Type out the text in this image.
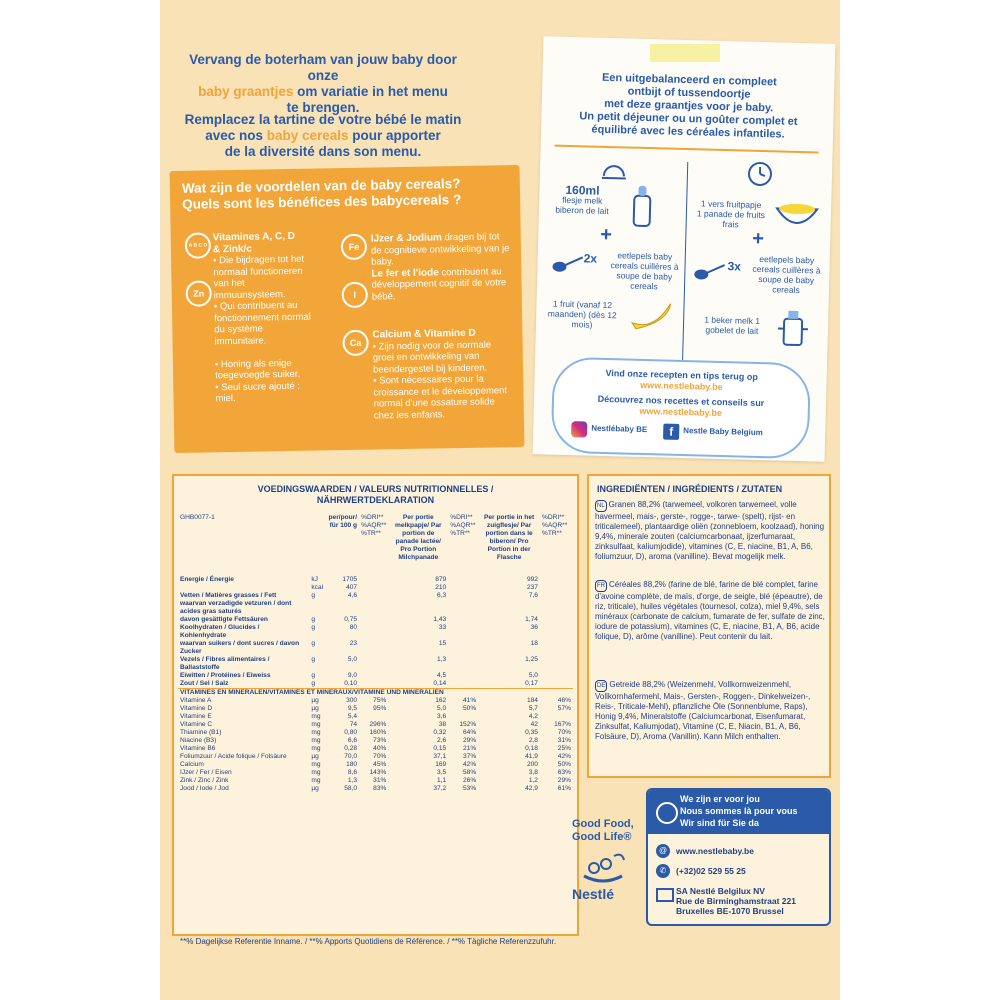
Vervang de boterham van jouw baby door onze
baby graantjes om variatie in het menu
te brengen.
Remplacez la tartine de votre bébé le matin
avec nos baby cereals pour apporter
de la diversité dans son menu.
Wat zijn de voordelen van de baby cereals?
Quels sont les bénéfices des babycereals ?
A B C D
Vitamines A, C, D
& Zink/c
• Die bijdragen tot het normaal functioneren van het immuunsysteem.
• Qui contribuent au fonctionnement normal du système immunitaire.

• Honing als enige toegevoegde suiker.
• Seul sucre ajouté : miel.
Zn
Fe
I
IJzer & Jodium dragen bij tot de cognitieve ontwikkeling van je baby.
Le fer et l'iode contribuent au développement cognitif de votre bébé.
Ca
Calcium & Vitamine D
• Zijn nodig voor de normale groei en ontwikkeling van beendergestel bij kinderen.
• Sont nécessaires pour la croissance et le développement normal d'une ossature solide chez les enfants.
Een uitgebalanceerd en compleet
ontbijt of tussendoortje
met deze graantjes voor je baby.
Un petit déjeuner ou un goûter complet et
équilibré avec les céréales infantiles.
160ml
flesje melk
biberon de lait
+
2x	eetlepels baby cereals cuillères à soupe de baby cereals
1 fruit (vanaf 12 maanden) (dès 12 mois)
1 vers fruitpapje
1 panade de fruits frais
+
3x	eetlepels baby cereals cuillères à soupe de baby cereals
1 beker melk 1 gobelet de lait
Vind onze recepten en tips terug op
www.nestlebaby.be
Découvrez nos recettes et conseils sur
www.nestlebaby.be
Nestlébaby BE	f	Nestle Baby Belgium
VOEDINGSWAARDEN / VALEURS NUTRITIONNELLES /
NÄHRWERTDEKLARATION
GHB0077-1		per/pour/ für 100 g	%DRI** %AQR** %TR**	Per portie melkpapje/ Par portion de panade lactée/ Pro Portion Milchpanade	%DRI** %AQR** %TR**	Per portie in het zuigflesje/ Par portion dans le biberon/ Pro Portion in der Flasche	%DRI** %AQR** %TR**
Energie / Énergie	kJ	1705		879		992	
	kcal	407		210		237	
Vetten / Matières grasses / Fett	g	4,6		6,3		7,6	
waarvan verzadigde vetzuren / dont acides gras saturés							
davon gesättigte Fettsäuren	g	0,75		1,43		1,74	
Koolhydraten / Glucides / Kohlenhydrate	g	80		33		36	
waarvan suikers / dont sucres / davon Zucker	g	23		15		18	
Vezels / Fibres alimentaires / Ballaststoffe	g	5,0		1,3		1,25	
Eiwitten / Protéines / Eiweiss	g	9,0		4,5		5,0	
Zout / Sel / Salz	g	0,10		0,14		0,17	
VITAMINES EN MINERALEN/VITAMINES ET MINERAUX/VITAMINE UND MINERALIEN							
Vitamine A	µg	300	75%	162	41%	184	46%
Vitamine D	µg	9,5	95%	5,0	50%	5,7	57%
Vitamine E	mg	5,4		3,6		4,2	
Vitamine C	mg	74	296%	38	152%	42	167%
Thiamine (B1)	mg	0,80	160%	0,32	64%	0,35	70%
Niacine (B3)	mg	6,6	73%	2,6	29%	2,8	31%
Vitamine B6	mg	0,28	40%	0,15	21%	0,18	25%
Foliumzuur / Acide folique / Folsäure	µg	70,0	70%	37,1	37%	41,9	42%
Calcium	mg	180	45%	169	42%	200	50%
IJzer / Fer / Eisen	mg	8,6	143%	3,5	58%	3,8	63%
Zink / Zinc / Zink	mg	1,3	31%	1,1	26%	1,2	29%
Jood / Iode / Jod	µg	58,0	83%	37,2	53%	42,9	61%
**% Dagelijkse Referentie Inname. / **% Apports Quotidiens de Référence. / **% Tägliche Referenzzufuhr.
INGREDIËNTEN / INGRÉDIENTS / ZUTATEN
NL Granen 88,2% (tarwemeel, volkoren tarwemeel, volle havermeel, mais-, gerste-, rogge-, tarwe- (spelt), rijst- en triticalemeel), plantaardige oliën (zonnebloem, koolzaad), honing 9,4%, minerale zouten (calciumcarbonaat, ijzerfumaraat, zinksulfaat, kaliumjodide), vitamines (C, E, niacine, B1, A, B6, foliumzuur, D), aroma (vanilline). Bevat mogelijk melk.
FR Céréales 88,2% (farine de blé, farine de blé complet, farine d'avoine complète, de maïs, d'orge, de seigle, blé (épeautre), de riz, triticale), huiles végétales (tournesol, colza), miel 9,4%, sels minéraux (carbonate de calcium, fumarate de fer, sulfate de zinc, iodure de potassium), vitamines (C, E, niacine, B1, A, B6, acide folique, D), arôme (vanilline). Peut contenir du lait.
DE Getreide 88,2% (Weizenmehl, Vollkornweizenmehl, Vollkornhafermehl, Mais-, Gersten-, Roggen-, Dinkelweizen-, Reis-, Triticale-Mehl), pflanzliche Öle (Sonnenblume, Raps), Honig 9,4%, Mineralstoffe (Calciumcarbonat, Eisenfumarat, Zinksulfat, Kaliumjodat), Vitamine (C, E, Niacin, B1, A, B6, Folsäure, D), Aroma (Vanillin). Kann Milch enthalten.
Good Food,
Good Life®
Nestlé
We zijn er voor jou
Nous sommes là pour vous
Wir sind für Sie da
@	www.nestlebaby.be
✆	(+32)02 529 55 25
SA Nestlé Belgilux NV
Rue de Birminghamstraat 221
Bruxelles BE-1070 Brussel
